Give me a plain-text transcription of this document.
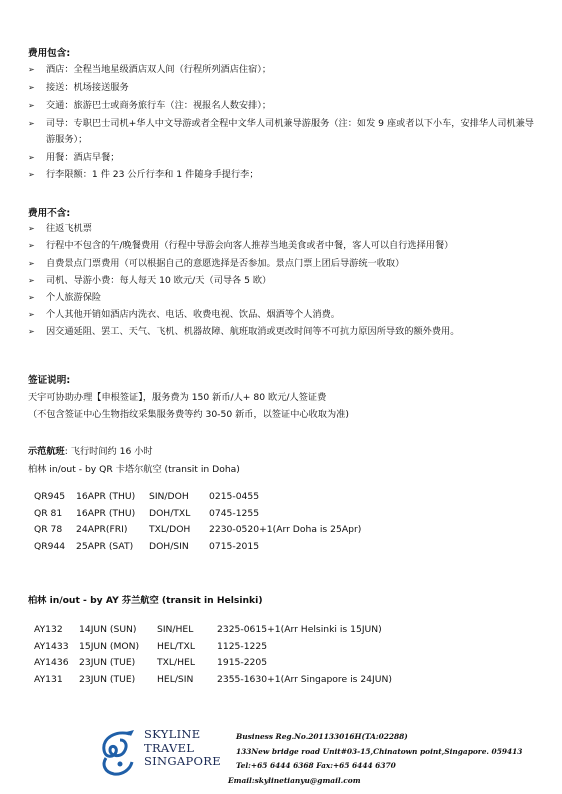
费用包含:
➢ 酒店：全程当地星级酒店双人间（行程所列酒店住宿）；
➢ 接送：机场接送服务
➢ 交通：旅游巴士或商务旅行车（注：视报名人数安排）；
➢ 司导：专职巴士司机+华人中文导游或者全程中文华人司机兼导游服务（注：如发 9 座或者以下小车，安排华人司机兼导游服务）；
➢ 用餐：酒店早餐；
➢ 行李限额：1 件 23 公斤行李和 1 件随身手提行李；
费用不含:
➢ 往返飞机票
➢ 行程中不包含的午/晚餐费用（行程中导游会向客人推荐当地美食或者中餐，客人可以自行选择用餐）
➢ 自费景点门票费用（可以根据自己的意愿选择是否参加。景点门票上团后导游统一收取）
➢ 司机、导游小费：每人每天 10 欧元/天（司导各 5 欧）
➢ 个人旅游保险
➢ 个人其他开销如酒店内洗衣、电话、收费电视、饮品、烟酒等个人消费。
➢ 因交通延阻、罢工、天气、飞机、机器故障、航班取消或更改时间等不可抗力原因所导致的额外费用。
签证说明:
天宇可协助办理【申根签证】，服务费为 150 新币/人+ 80 欧元/人签证费
（不包含签证中心生物指纹采集服务费等约 30-50 新币，以签证中心收取为准)
示范航班: 飞行时间约 16 小时
柏林 in/out - by QR 卡塔尔航空 (transit in Doha)
QR945 16APR (THU) SIN/DOH 0215-0455
QR 81 16APR (THU) DOH/TXL 0745-1255
QR 78 24APR(FRI) TXL/DOH 2230-0520+1(Arr Doha is 25Apr)
QR944 25APR (SAT) DOH/SIN 0715-2015
柏林 in/out - by AY 芬兰航空 (transit in Helsinki)
AY132 14JUN (SUN) SIN/HEL	2325-0615+1(Arr Helsinki is 15JUN)
AY1433 15JUN (MON) HEL/TXL 1125-1225
AY1436 23JUN (TUE) TXL/HEL 1915-2205
AY131 23JUN (TUE) HEL/SIN	2355-1630+1(Arr Singapore is 24JUN)
SKYLINE
TRAVEL
SINGAPORE
Business Reg.No.201133016H(TA:02288)
133New bridge road Unit#03-15,Chinatown point,Singapore. 059413
Tel:+65 6444 6368 Fax:+65 6444 6370
Email:skylinetianyu@gmail.com
